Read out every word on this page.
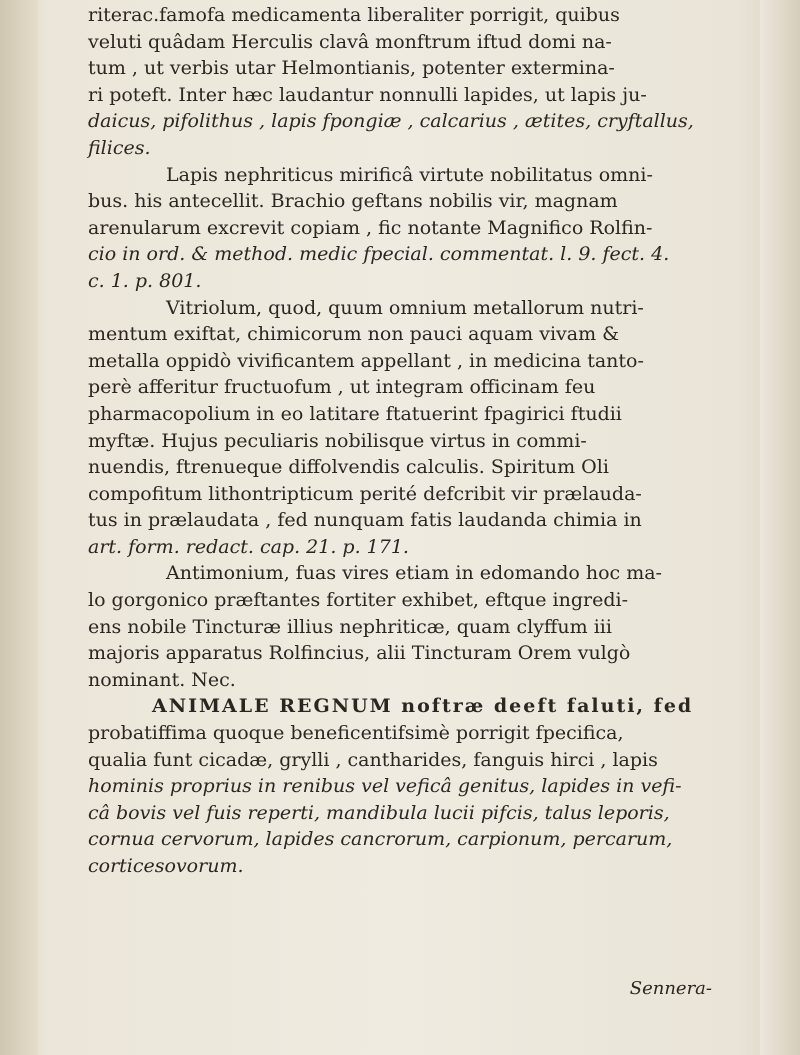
riterac.famofa medicamenta liberaliter porrigit, quibus
veluti quâdam Herculis clavâ monftrum iftud domi na-
tum , ut verbis utar Helmontianis, potenter extermina-
ri poteft. Inter hæc laudantur nonnulli lapides, ut lapis ju-
daicus, pifolithus , lapis fpongiæ , calcarius , ætites, cryftallus,
filices.
Lapis nephriticus mirificâ virtute nobilitatus omni-
bus. his antecellit. Brachio geftans nobilis vir, magnam
arenularum excrevit copiam , fic notante Magnifico Rolfin-
cio in ord. & method. medic fpecial. commentat. l. 9. fect. 4.
c. 1. p. 801.
Vitriolum, quod, quum omnium metallorum nutri-
mentum exiftat, chimicorum non pauci aquam vivam &
metalla oppidò vivificantem appellant , in medicina tanto-
perè afferitur fructuofum , ut integram officinam feu
pharmacopolium in eo latitare ftatuerint fpagirici ftudii
myftæ. Hujus peculiaris nobilisque virtus in commi-
nuendis, ftrenueque diffolvendis calculis. Spiritum Oli
compofitum lithontripticum perité defcribit vir prælauda-
tus in prælaudata , fed nunquam fatis laudanda chimia in
art. form. redact. cap. 21. p. 171.
Antimonium, fuas vires etiam in edomando hoc ma-
lo gorgonico præftantes fortiter exhibet, eftque ingredi-
ens nobile Tincturæ illius nephriticæ, quam clyffum iii
majoris apparatus Rolfincius, alii Tincturam Orem vulgò
nominant. Nec.
ANIMALE REGNUM noftræ deeft faluti, fed
probatiffima quoque beneficentifsimè porrigit fpecifica,
qualia funt cicadæ, grylli , cantharides, fanguis hirci , lapis
hominis proprius in renibus vel veficâ genitus, lapides in vefi-
câ bovis vel fuis reperti, mandibula lucii pifcis, talus leporis,
cornua cervorum, lapides cancrorum, carpionum, percarum,
corticesovorum.
Sennera-
